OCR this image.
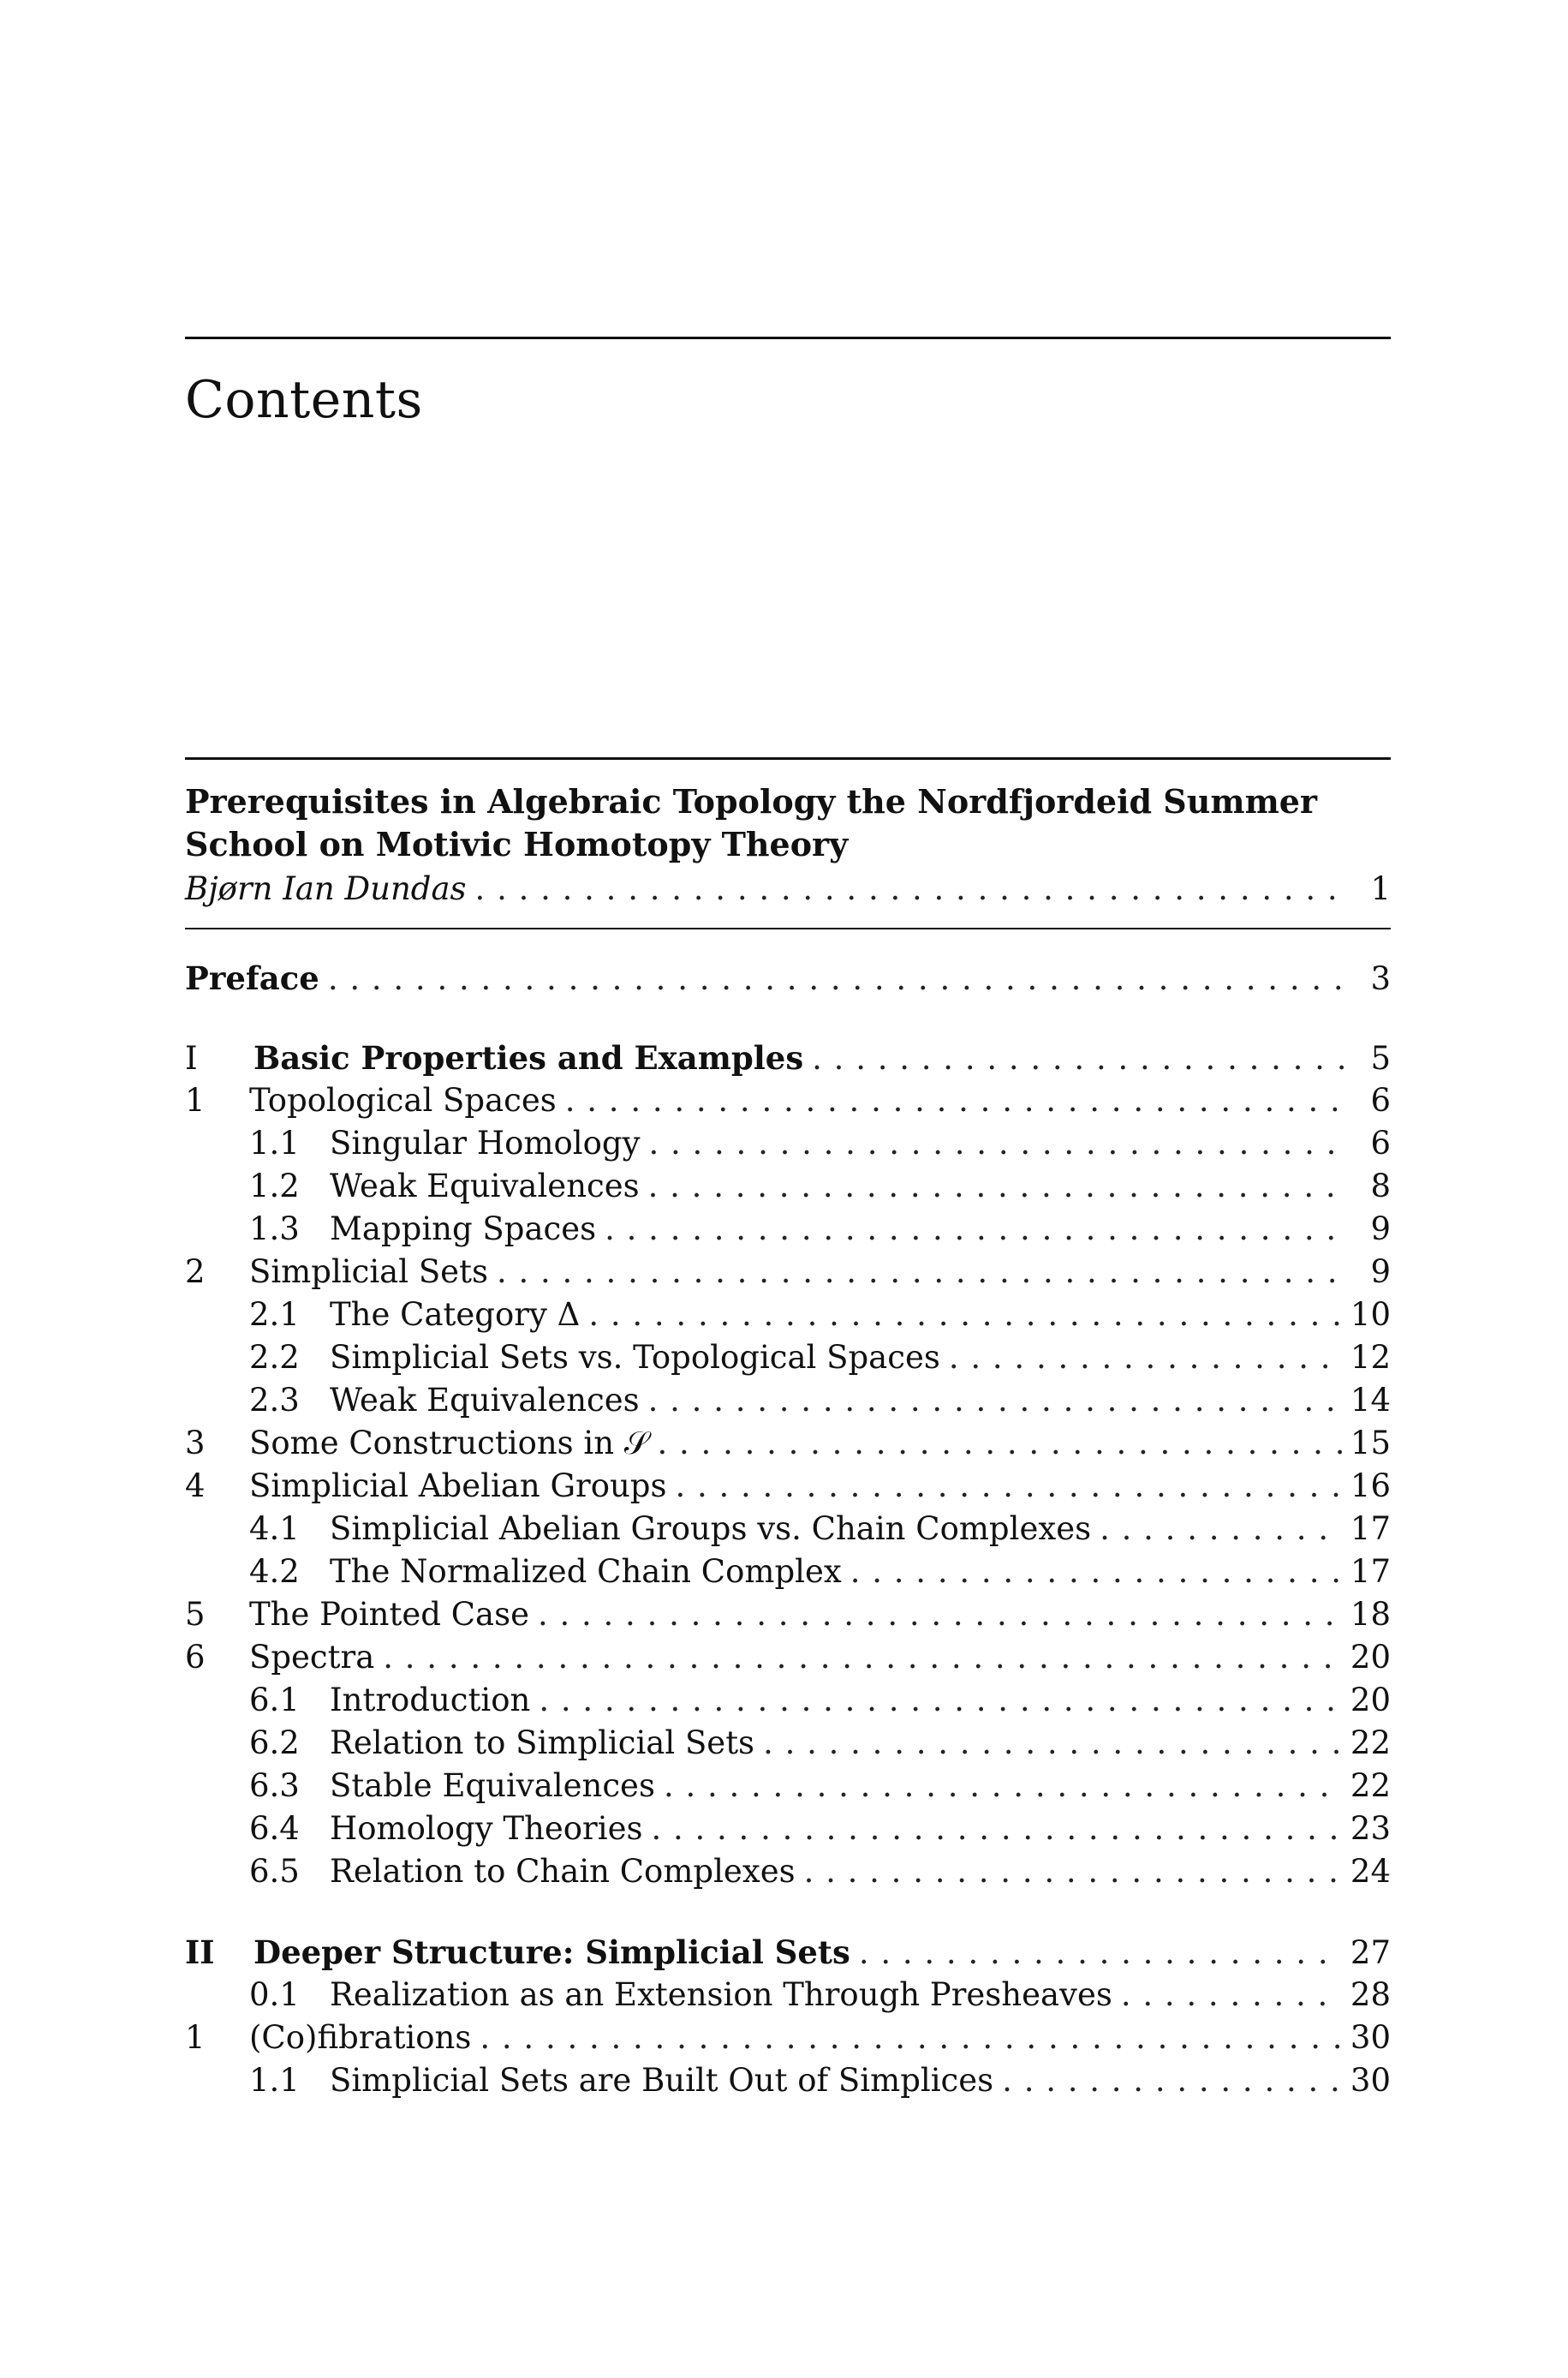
Contents
Prerequisites in Algebraic Topology the Nordfjordeid Summer
School on Motivic Homotopy Theory
Bjørn Ian Dundas . . .	1
Preface . . .	3
I	Basic Properties and Examples . . .	5
1	Topological Spaces . . .	6
1.1 Singular Homology . . .	6
1.2 Weak Equivalences . . .	8
1.3 Mapping Spaces . . .	9
2	Simplicial Sets . . .	9
2.1 The Category Δ . . .	10
2.2 Simplicial Sets vs. Topological Spaces . . .	12
2.3 Weak Equivalences . . .	14
3	Some Constructions in 𝒮 . . .	15
4	Simplicial Abelian Groups . . .	16
4.1 Simplicial Abelian Groups vs. Chain Complexes . . .	17
4.2 The Normalized Chain Complex . . .	17
5	The Pointed Case . . .	18
6	Spectra . . .	20
6.1 Introduction . . .	20
6.2 Relation to Simplicial Sets . . .	22
6.3 Stable Equivalences . . .	22
6.4 Homology Theories . . .	23
6.5 Relation to Chain Complexes . . .	24
II	Deeper Structure: Simplicial Sets . . .	27
0.1 Realization as an Extension Through Presheaves . . .	28
1	(Co)fibrations . . .	30
1.1 Simplicial Sets are Built Out of Simplices . . .	30
